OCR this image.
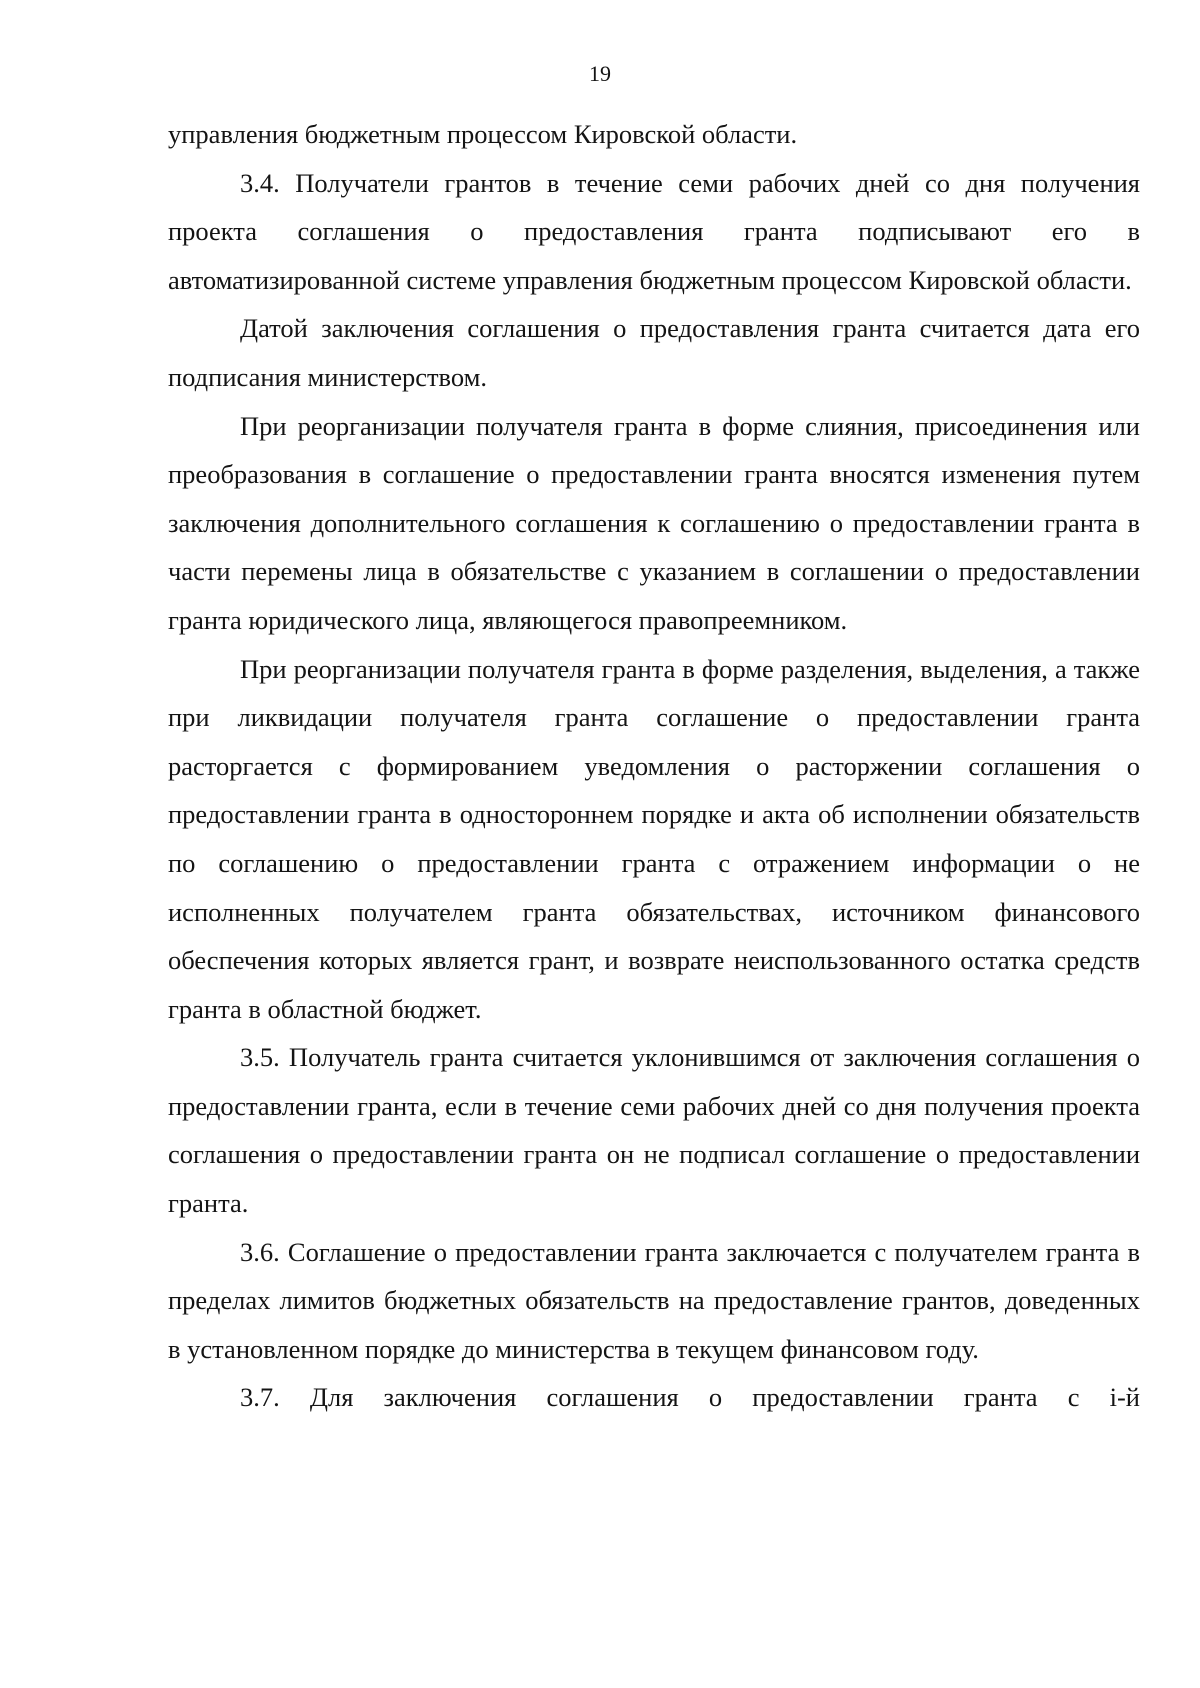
19

управления бюджетным процессом Кировской области.

3.4. Получатели грантов в течение семи рабочих дней со дня получения проекта соглашения о предоставления гранта подписывают его в автоматизированной системе управления бюджетным процессом Кировской области.

Датой заключения соглашения о предоставления гранта считается дата его подписания министерством.

При реорганизации получателя гранта в форме слияния, присоединения или преобразования в соглашение о предоставлении гранта вносятся изменения путем заключения дополнительного соглашения к соглашению о предоставлении гранта в части перемены лица в обязательстве с указанием в соглашении о предоставлении гранта юридического лица, являющегося правопреемником.

При реорганизации получателя гранта в форме разделения, выделения, а также при ликвидации получателя гранта соглашение о предоставлении гранта расторгается с формированием уведомления о расторжении соглашения о предоставлении гранта в одностороннем порядке и акта об исполнении обязательств по соглашению о предоставлении гранта с отражением информации о не исполненных получателем гранта обязательствах, источником финансового обеспечения которых является грант, и возврате неиспользованного остатка средств гранта в областной бюджет.

3.5. Получатель гранта считается уклонившимся от заключения соглашения о предоставлении гранта, если в течение семи рабочих дней со дня получения проекта соглашения о предоставлении гранта он не подписал соглашение о предоставлении гранта.

3.6. Соглашение о предоставлении гранта заключается с получателем гранта в пределах лимитов бюджетных обязательств на предоставление грантов, доведенных в установленном порядке до министерства в текущем финансовом году.

3.7. Для заключения соглашения о предоставлении гранта с i-й
